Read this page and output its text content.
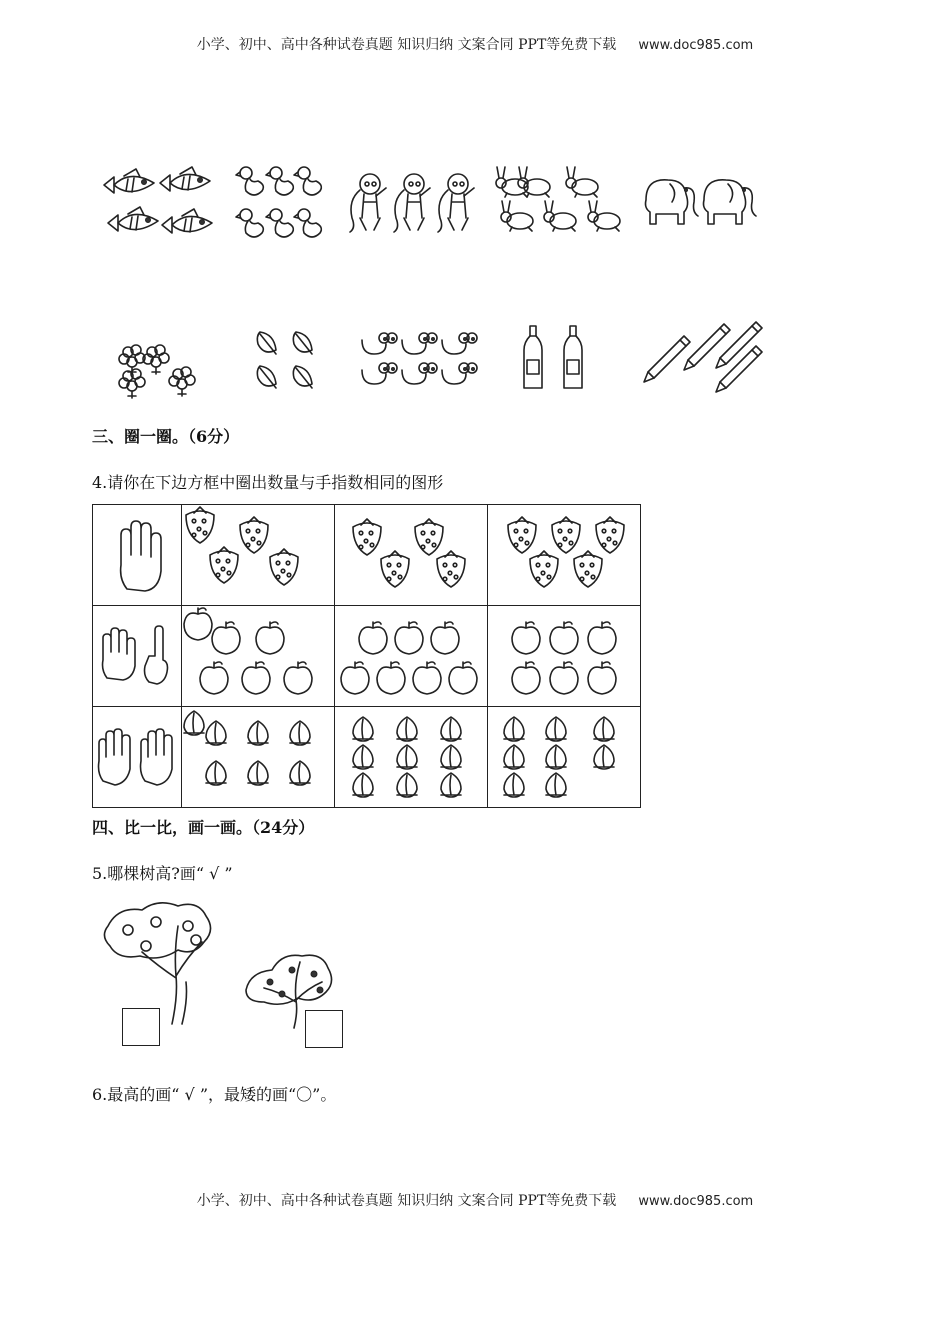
小学、初中、高中各种试卷真题 知识归纳 文案合同 PPT等免费下载 www.doc985.com
三、圈一圈。（6分）
4.请你在下边方框中圈出数量与手指数相同的图形

四、比一比，画一画。（24分）
5.哪棵树高?画“ √ ”
6.最高的画“ √ ”，最矮的画“〇”。
小学、初中、高中各种试卷真题 知识归纳 文案合同 PPT等免费下载 www.doc985.com
